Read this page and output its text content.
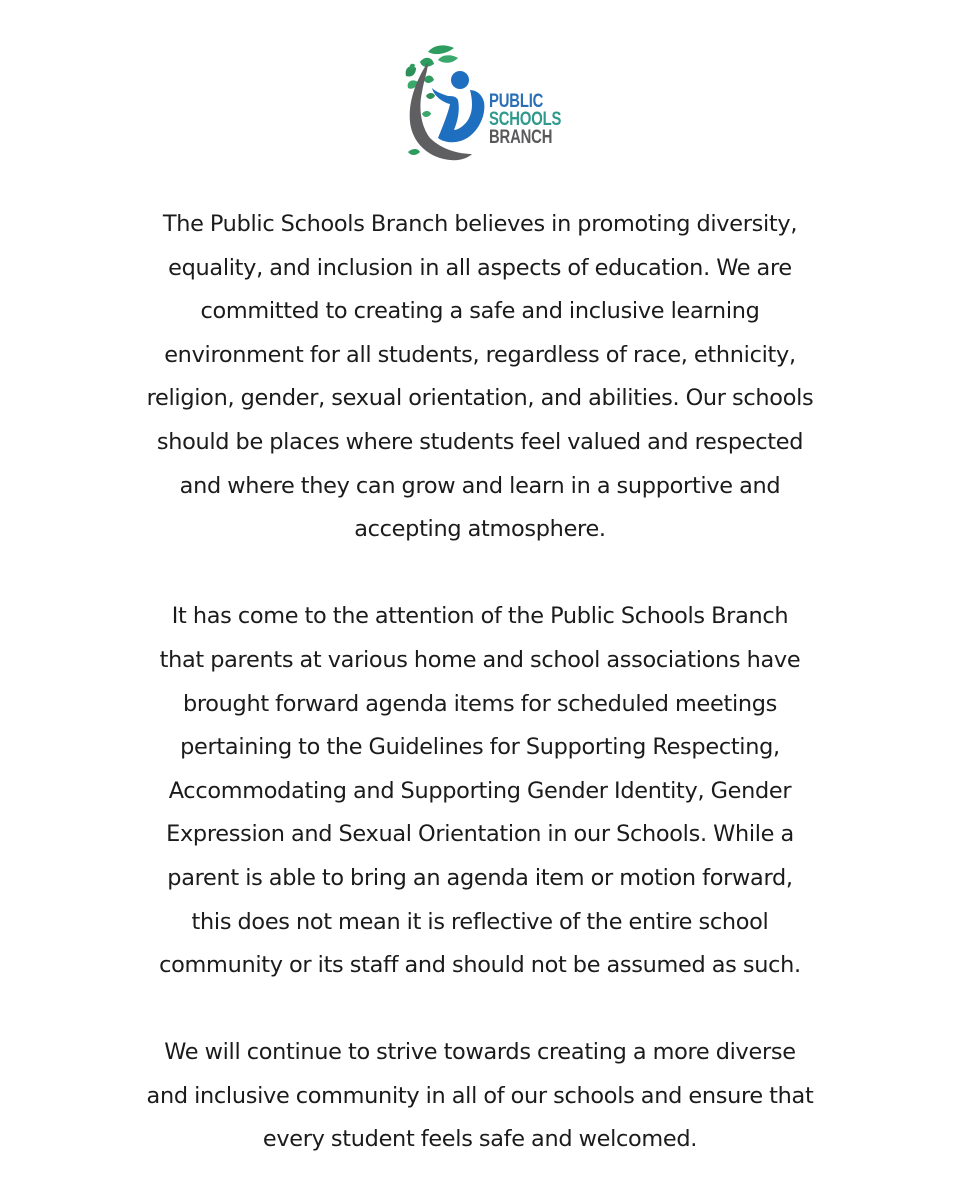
PUBLIC
SCHOOLS
BRANCH

The Public Schools Branch believes in promoting diversity,
equality, and inclusion in all aspects of education. We are
committed to creating a safe and inclusive learning
environment for all students, regardless of race, ethnicity,
religion, gender, sexual orientation, and abilities. Our schools
should be places where students feel valued and respected
and where they can grow and learn in a supportive and
accepting atmosphere.

It has come to the attention of the Public Schools Branch
that parents at various home and school associations have
brought forward agenda items for scheduled meetings
pertaining to the Guidelines for Supporting Respecting,
Accommodating and Supporting Gender Identity, Gender
Expression and Sexual Orientation in our Schools. While a
parent is able to bring an agenda item or motion forward,
this does not mean it is reflective of the entire school
community or its staff and should not be assumed as such.

We will continue to strive towards creating a more diverse
and inclusive community in all of our schools and ensure that
every student feels safe and welcomed.
